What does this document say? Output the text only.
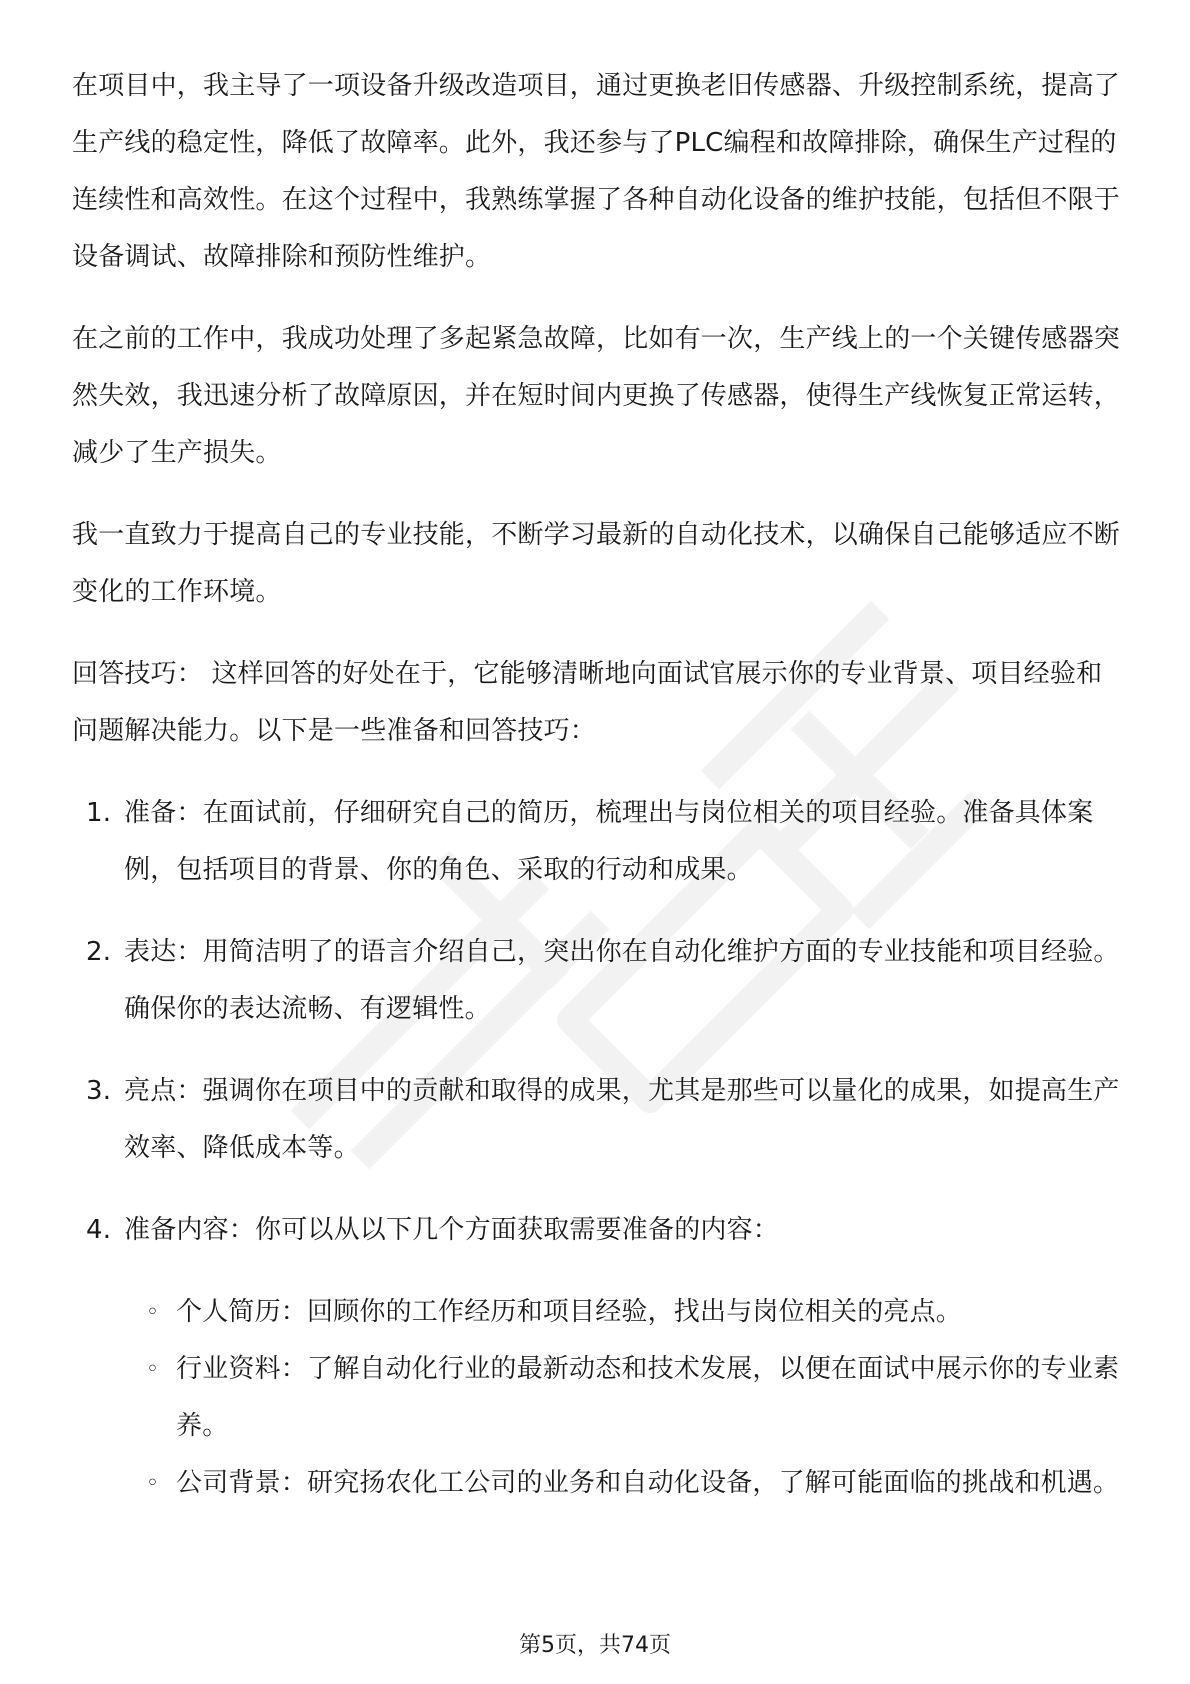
在项目中，我主导了一项设备升级改造项目，通过更换老旧传感器、升级控制系统，提高了生产线的稳定性，降低了故障率。此外，我还参与了PLC编程和故障排除，确保生产过程的连续性和高效性。在这个过程中，我熟练掌握了各种自动化设备的维护技能，包括但不限于设备调试、故障排除和预防性维护。

在之前的工作中，我成功处理了多起紧急故障，比如有一次，生产线上的一个关键传感器突然失效，我迅速分析了故障原因，并在短时间内更换了传感器，使得生产线恢复正常运转，减少了生产损失。

我一直致力于提高自己的专业技能，不断学习最新的自动化技术，以确保自己能够适应不断变化的工作环境。

回答技巧： 这样回答的好处在于，它能够清晰地向面试官展示你的专业背景、项目经验和问题解决能力。以下是一些准备和回答技巧：

1. 准备：在面试前，仔细研究自己的简历，梳理出与岗位相关的项目经验。准备具体案例，包括项目的背景、你的角色、采取的行动和成果。
2. 表达：用简洁明了的语言介绍自己，突出你在自动化维护方面的专业技能和项目经验。确保你的表达流畅、有逻辑性。
3. 亮点：强调你在项目中的贡献和取得的成果，尤其是那些可以量化的成果，如提高生产效率、降低成本等。
4. 准备内容：你可以从以下几个方面获取需要准备的内容：
◦ 个人简历：回顾你的工作经历和项目经验，找出与岗位相关的亮点。
◦ 行业资料：了解自动化行业的最新动态和技术发展，以便在面试中展示你的专业素养。
◦ 公司背景：研究扬农化工公司的业务和自动化设备，了解可能面临的挑战和机遇。
第5页，共74页
